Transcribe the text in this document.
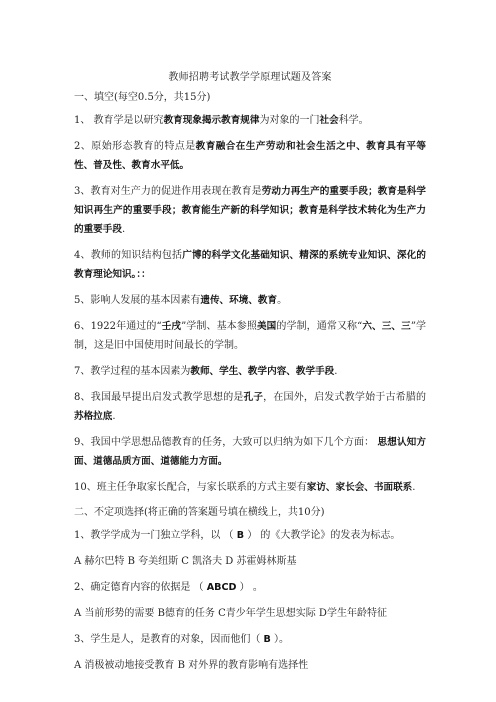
教师招聘考试教学学原理试题及答案
一、填空(每空0.5分，共15分)
1、 教育学是以研究教育现象揭示教育规律为对象的一门社会科学。
2、原始形态教育的特点是教育融合在生产劳动和社会生活之中、教育具有平等性、普及性、教育水平低。
3、教育对生产力的促进作用表现在教育是劳动力再生产的重要手段；教育是科学知识再生产的重要手段；教育能生产新的科学知识；教育是科学技术转化为生产力的重要手段.
4、教师的知识结构包括广博的科学文化基础知识、精深的系统专业知识、深化的教育理论知识。：：
5、影响人发展的基本因素有遗传、环境、教育。
6、1922年通过的“壬戌”学制、基本参照美国的学制，通常又称“六、三、三”学制，这是旧中国使用时间最长的学制。
7、教学过程的基本因素为教师、学生、教学内容、教学手段.
8、我国最早提出启发式教学思想的是孔子，在国外，启发式教学始于古希腊的苏格拉底.
9、我国中学思想品德教育的任务，大致可以归纳为如下几个方面： 思想认知方面、道德品质方面、道德能力方面。
10、班主任争取家长配合，与家长联系的方式主要有家访、家长会、书面联系.
二、不定项选择(将正确的答案题号填在横线上，共10分)
1、教学学成为一门独立学科，以 （ B ） 的《大教学论》的发表为标志。
A 赫尔巴特 B 夸美纽斯 C 凯洛夫 D 苏霍姆林斯基
2、确定德育内容的依据是 （ ABCD ） 。
A 当前形势的需要 B德育的任务 C青少年学生思想实际 D学生年龄特征
3、学生是人，是教育的对象，因而他们（ B ）。
A 消极被动地接受教育 B 对外界的教育影响有选择性
